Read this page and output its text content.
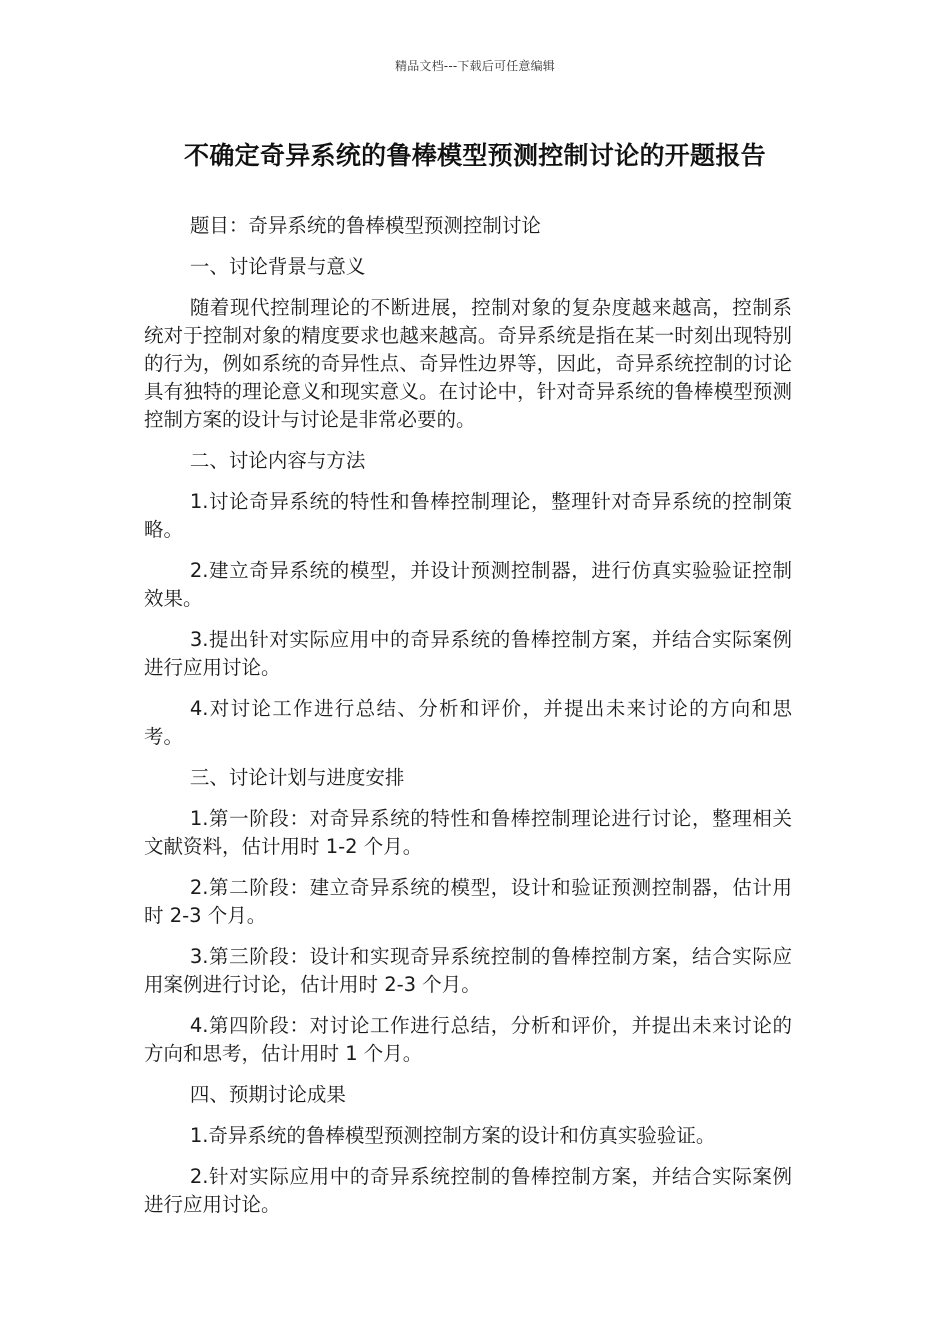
精品文档---下载后可任意编辑
不确定奇异系统的鲁棒模型预测控制讨论的开题报告

题目：奇异系统的鲁棒模型预测控制讨论

一、讨论背景与意义

随着现代控制理论的不断进展，控制对象的复杂度越来越高，控制系统对于控制对象的精度要求也越来越高。奇异系统是指在某一时刻出现特别的行为，例如系统的奇异性点、奇异性边界等，因此，奇异系统控制的讨论具有独特的理论意义和现实意义。在讨论中，针对奇异系统的鲁棒模型预测控制方案的设计与讨论是非常必要的。

二、讨论内容与方法

1.讨论奇异系统的特性和鲁棒控制理论，整理针对奇异系统的控制策略。

2.建立奇异系统的模型，并设计预测控制器，进行仿真实验验证控制效果。

3.提出针对实际应用中的奇异系统的鲁棒控制方案，并结合实际案例进行应用讨论。

4.对讨论工作进行总结、分析和评价，并提出未来讨论的方向和思考。

三、讨论计划与进度安排

1.第一阶段：对奇异系统的特性和鲁棒控制理论进行讨论，整理相关文献资料，估计用时 1-2 个月。

2.第二阶段：建立奇异系统的模型，设计和验证预测控制器，估计用时 2-3 个月。

3.第三阶段：设计和实现奇异系统控制的鲁棒控制方案，结合实际应用案例进行讨论，估计用时 2-3 个月。

4.第四阶段：对讨论工作进行总结，分析和评价，并提出未来讨论的方向和思考，估计用时 1 个月。

四、预期讨论成果

1.奇异系统的鲁棒模型预测控制方案的设计和仿真实验验证。

2.针对实际应用中的奇异系统控制的鲁棒控制方案，并结合实际案例进行应用讨论。
